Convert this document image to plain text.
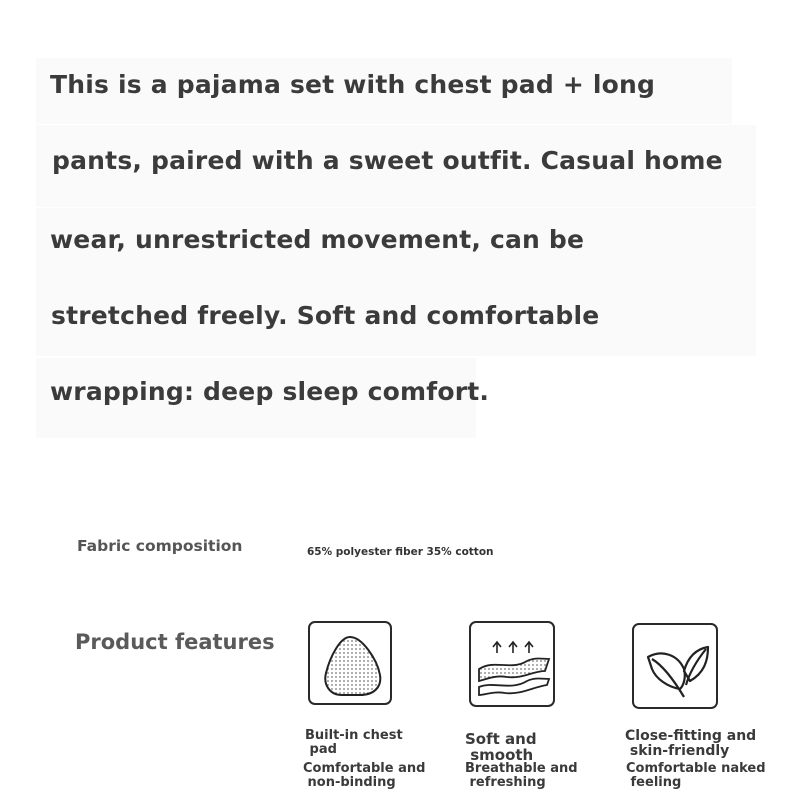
This is a pajama set with chest pad + long
pants, paired with a sweet outfit. Casual home
wear, unrestricted movement, can be
stretched freely. Soft and comfortable
wrapping: deep sleep comfort.
Fabric composition	65% polyester fiber 35% cotton
Product features
Built-in chest
pad
Comfortable and
non-binding
Soft and
smooth
Breathable and
refreshing
Close-fitting and
skin-friendly
Comfortable naked
feeling
